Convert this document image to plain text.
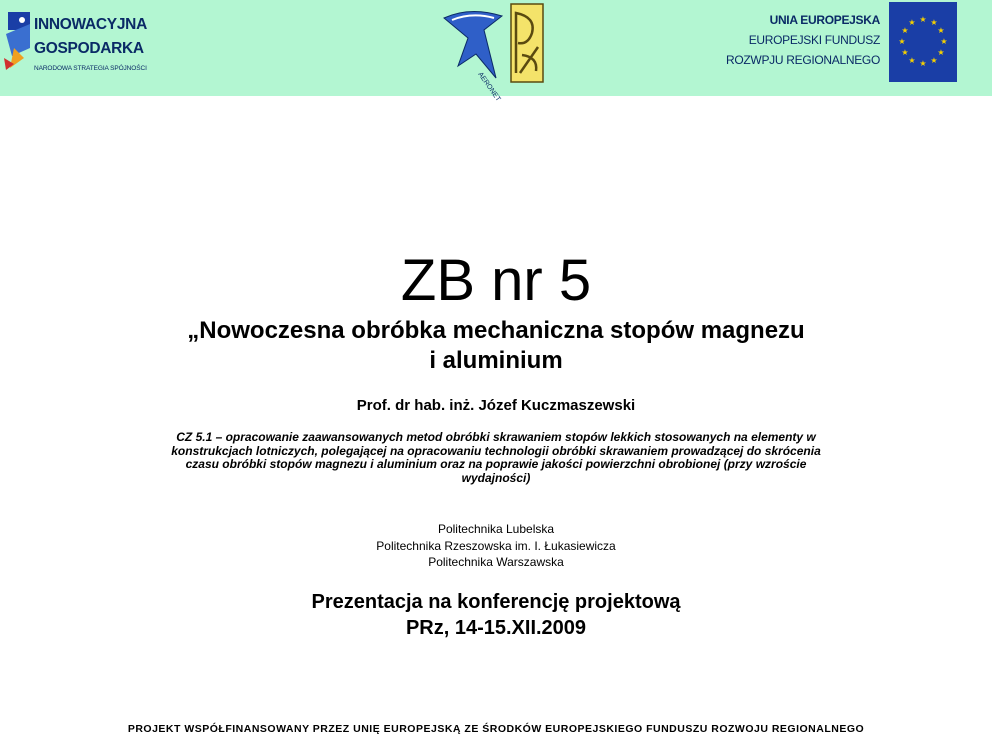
INNOWACYJNA
GOSPODARKA
NARODOWA STRATEGIA SPÓJNOŚCI
AERONET
UNIA EUROPEJSKA
EUROPEJSKI FUNDUSZ
ROZWPJU REGIONALNEGO
★ ★
★
★
★
★
★
★
★
★
★
★
ZB nr 5
„Nowoczesna obróbka mechaniczna stopów magnezu
i aluminium
Prof. dr hab. inż. Józef Kuczmaszewski
CZ 5.1 – opracowanie zaawansowanych metod obróbki skrawaniem stopów lekkich stosowanych na elementy w konstrukcjach lotniczych, polegającej na opracowaniu technologii obróbki skrawaniem prowadzącej do skrócenia czasu obróbki stopów magnezu i aluminium oraz na poprawie jakości powierzchni obrobionej (przy wzroście wydajności)
Politechnika Lubelska
Politechnika Rzeszowska im. I. Łukasiewicza
Politechnika Warszawska
Prezentacja na konferencję projektową
PRz, 14-15.XII.2009
PROJEKT WSPÓŁFINANSOWANY PRZEZ UNIĘ EUROPEJSKĄ ZE ŚRODKÓW EUROPEJSKIEGO FUNDUSZU ROZWOJU REGIONALNEGO
